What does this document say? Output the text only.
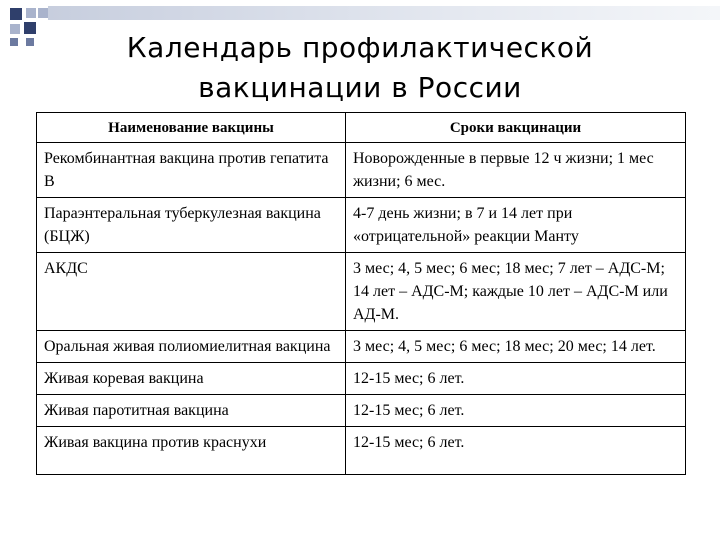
Календарь профилактической
вакцинации в России
Наименование вакцины	Сроки вакцинации
Рекомбинантная вакцина против гепатита В	Новорожденные в первые 12 ч жизни; 1 мес жизни; 6 мес.
Параэнтеральная туберкулезная вакцина (БЦЖ)	4-7 день жизни; в 7 и 14 лет при «отрицательной» реакции Манту
АКДС	3 мес; 4, 5 мес; 6 мес; 18 мес; 7 лет – АДС-М; 14 лет – АДС-М; каждые 10 лет – АДС-М или АД-М.
Оральная живая полиомиелитная вакцина	3 мес; 4, 5 мес; 6 мес; 18 мес; 20 мес; 14 лет.
Живая коревая вакцина	12-15 мес; 6 лет.
Живая паротитная вакцина	12-15 мес; 6 лет.
Живая вакцина против краснухи	12-15 мес; 6 лет.
